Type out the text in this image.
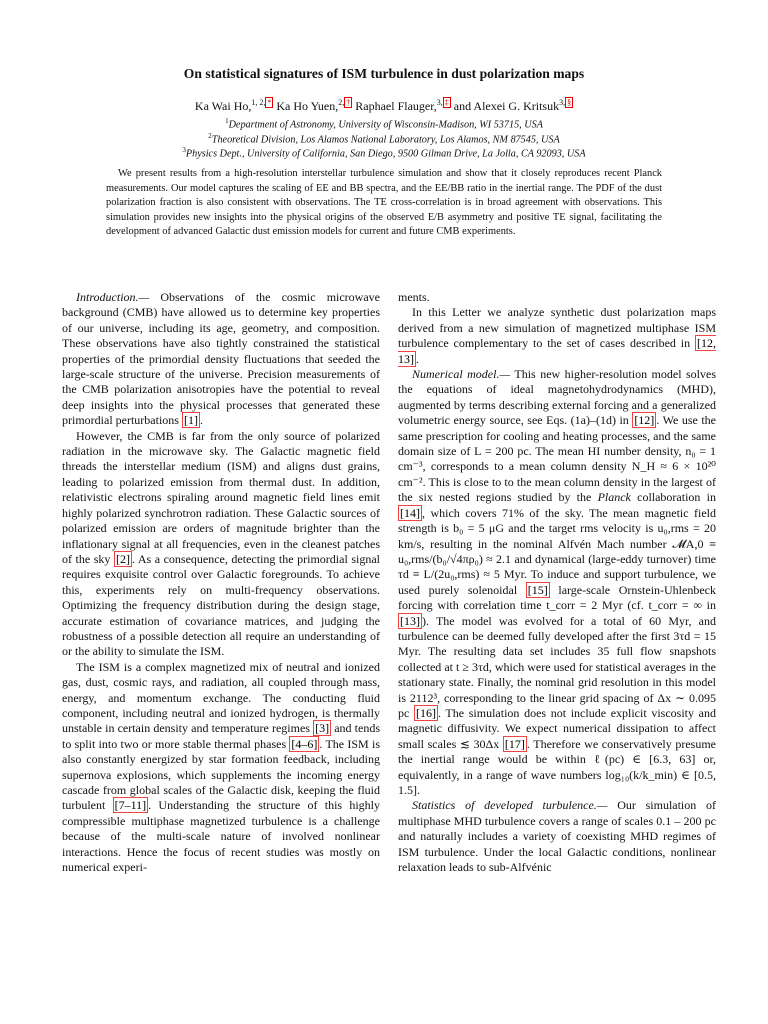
On statistical signatures of ISM turbulence in dust polarization maps
Ka Wai Ho,$^{1, 2,}$ * Ka Ho Yuen,$^{2,}$ † Raphael Flauger,$^{3,}$ ‡ and Alexei G. Kritsuk$^{3,}$ §
$^1$Department of Astronomy, University of Wisconsin-Madison, WI 53715, USA
$^2$Theoretical Division, Los Alamos National Laboratory, Los Alamos, NM 87545, USA
$^3$Physics Dept., University of California, San Diego, 9500 Gilman Drive, La Jolla, CA 92093, USA
We present results from a high-resolution interstellar turbulence simulation and show that it closely reproduces recent Planck measurements. Our model captures the scaling of EE and BB spectra, and the EE/BB ratio in the inertial range. The PDF of the dust polarization fraction is also consistent with observations. The TE cross-correlation is in broad agreement with observations. This simulation provides new insights into the physical origins of the observed E/B asymmetry and positive TE signal, facilitating the development of advanced Galactic dust emission models for current and future CMB experiments.

Introduction.— Observations of the cosmic microwave background (CMB) have allowed us to determine key properties of our universe, including its age, geometry, and composition. These observations have also tightly constrained the statistical properties of the primordial density fluctuations that seeded the large-scale structure of the universe. Precision measurements of the CMB polarization anisotropies have the potential to reveal deep insights into the physical processes that generated these primordial perturbations [1] .

However, the CMB is far from the only source of polarized radiation in the microwave sky. The Galactic magnetic field threads the interstellar medium (ISM) and aligns dust grains, leading to polarized emission from thermal dust. In addition, relativistic electrons spiraling around magnetic field lines emit highly polarized synchrotron radiation. These Galactic sources of polarized emission are orders of magnitude brighter than the inflationary signal at all frequencies, even in the cleanest patches of the sky [2] . As a consequence, detecting the primordial signal requires exquisite control over Galactic foregrounds. To achieve this, experiments rely on multi-frequency observations. Optimizing the frequency distribution during the design stage, accurate estimation of covariance matrices, and judging the robustness of a possible detection all require an understanding of or the ability to simulate the ISM.

The ISM is a complex magnetized mix of neutral and ionized gas, dust, cosmic rays, and radiation, all coupled through mass, energy, and momentum exchange. The conducting fluid component, including neutral and ionized hydrogen, is thermally unstable in certain density and temperature regimes [3] and tends to split into two or more stable thermal phases [4–6] . The ISM is also constantly energized by star formation feedback, including supernova explosions, which supplements the incoming energy cascade from global scales of the Galactic disk, keeping the fluid turbulent [7–11] . Understanding the structure of this highly compressible multiphase magnetized turbulence is a challenge because of the multi-scale nature of involved nonlinear interactions. Hence the focus of recent studies was mostly on numerical experi-

ments.

In this Letter we analyze synthetic dust polarization maps derived from a new simulation of magnetized multiphase ISM turbulence complementary to the set of cases described in [12, 13] .

Numerical model.— This new higher-resolution model solves the equations of ideal magnetohydrodynamics (MHD), augmented by terms describing external forcing and a generalized volumetric energy source, see Eqs. (1a)–(1d) in [12] . We use the same prescription for cooling and heating processes, and the same domain size of L = 200 pc. The mean HI number density, n₀ = 1 cm⁻³, corresponds to a mean column density N_H ≈ 6 × 10²⁰ cm⁻². This is close to to the mean column density in the largest of the six nested regions studied by the Planck collaboration in [14] , which covers 71% of the sky. The mean magnetic field strength is b₀ = 5 μG and the target rms velocity is u₀,rms = 20 km/s, resulting in the nominal Alfvén Mach number 𝓜A,0 ≡ u₀,rms/(b₀/√4πρ₀) ≈ 2.1 and dynamical (large-eddy turnover) time τd ≡ L/(2u₀,rms) ≈ 5 Myr. To induce and support turbulence, we used purely solenoidal [15] large-scale Ornstein-Uhlenbeck forcing with correlation time t_corr = 2 Myr (cf. t_corr = ∞ in [13] ). The model was evolved for a total of 60 Myr, and turbulence can be deemed fully developed after the first 3τd = 15 Myr. The resulting data set includes 35 full flow snapshots collected at t ≥ 3τd, which were used for statistical averages in the stationary state. Finally, the nominal grid resolution in this model is 2112³, corresponding to the linear grid spacing of Δx ∼ 0.095 pc [16] . The simulation does not include explicit viscosity and magnetic diffusivity. We expect numerical dissipation to affect small scales ≲ 30Δx [17] . Therefore we conservatively presume the inertial range would be within ℓ(pc) ∈ [6.3, 63] or, equivalently, in a range of wave numbers log₁₀(k/k_min) ∈ [0.5, 1.5].

Statistics of developed turbulence.— Our simulation of multiphase MHD turbulence covers a range of scales 0.1 – 200 pc and naturally includes a variety of coexisting MHD regimes of ISM turbulence. Under the local Galactic conditions, nonlinear relaxation leads to sub-Alfvénic
